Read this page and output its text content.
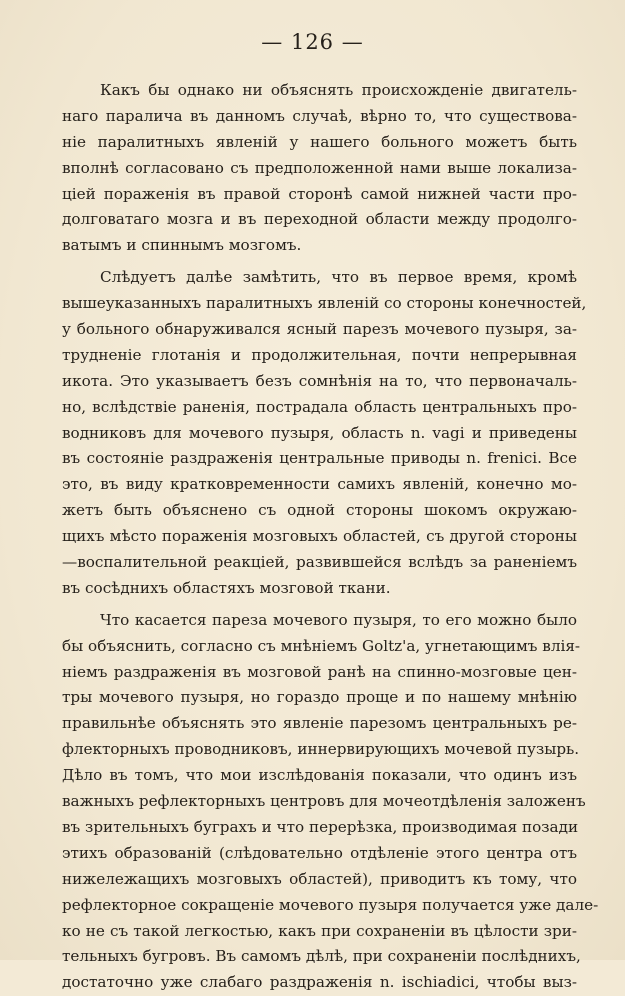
— 126 —
Какъ бы однако ни объяснять происхожденіе двигатель-
наго паралича въ данномъ случаѣ, вѣрно то, что существова-
ніе паралитныхъ явленій у нашего больного можетъ быть
вполнѣ согласовано съ предположенной нами выше локализа-
ціей пораженія въ правой сторонѣ самой нижней части про-
долговатаго мозга и въ переходной области между продолго-
ватымъ и спиннымъ мозгомъ.
Слѣдуетъ далѣе замѣтить, что въ первое время, кромѣ
вышеуказанныхъ паралитныхъ явленій со стороны конечностей,
у больного обнаруживался ясный парезъ мочевого пузыря, за-
трудненіе глотанія и продолжительная, почти непрерывная
икота. Это указываетъ безъ сомнѣнія на то, что первоначаль-
но, вслѣдствіе раненія, пострадала область центральныхъ про-
водниковъ для мочевого пузыря, область n. vagi и приведены
въ состояніе раздраженія центральные приводы n. frenici. Все
это, въ виду кратковременности самихъ явленій, конечно мо-
жетъ быть объяснено съ одной стороны шокомъ окружаю-
щихъ мѣсто пораженія мозговыхъ областей, съ другой стороны
—воспалительной реакціей, развившейся вслѣдъ за раненіемъ
въ сосѣднихъ областяхъ мозговой ткани.
Что касается пареза мочевого пузыря, то его можно было
бы объяснить, согласно съ мнѣніемъ Goltz'a, угнетающимъ влія-
ніемъ раздраженія въ мозговой ранѣ на спинно-мозговые цен-
тры мочевого пузыря, но гораздо проще и по нашему мнѣнію
правильнѣе объяснять это явленіе парезомъ центральныхъ ре-
флекторныхъ проводниковъ, иннервирующихъ мочевой пузырь.
Дѣло въ томъ, что мои изслѣдованія показали, что одинъ изъ
важныхъ рефлекторныхъ центровъ для мочеотдѣленія заложенъ
въ зрительныхъ буграхъ и что перерѣзка, производимая позади
этихъ образованій (слѣдовательно отдѣленіе этого центра отъ
нижележащихъ мозговыхъ областей), приводитъ къ тому, что
рефлекторное сокращеніе мочевого пузыря получается уже дале-
ко не съ такой легкостью, какъ при сохраненіи въ цѣлости зри-
тельныхъ бугровъ. Въ самомъ дѣлѣ, при сохраненіи послѣднихъ,
достаточно уже слабаго раздраженія n. ischiadici, чтобы выз-
